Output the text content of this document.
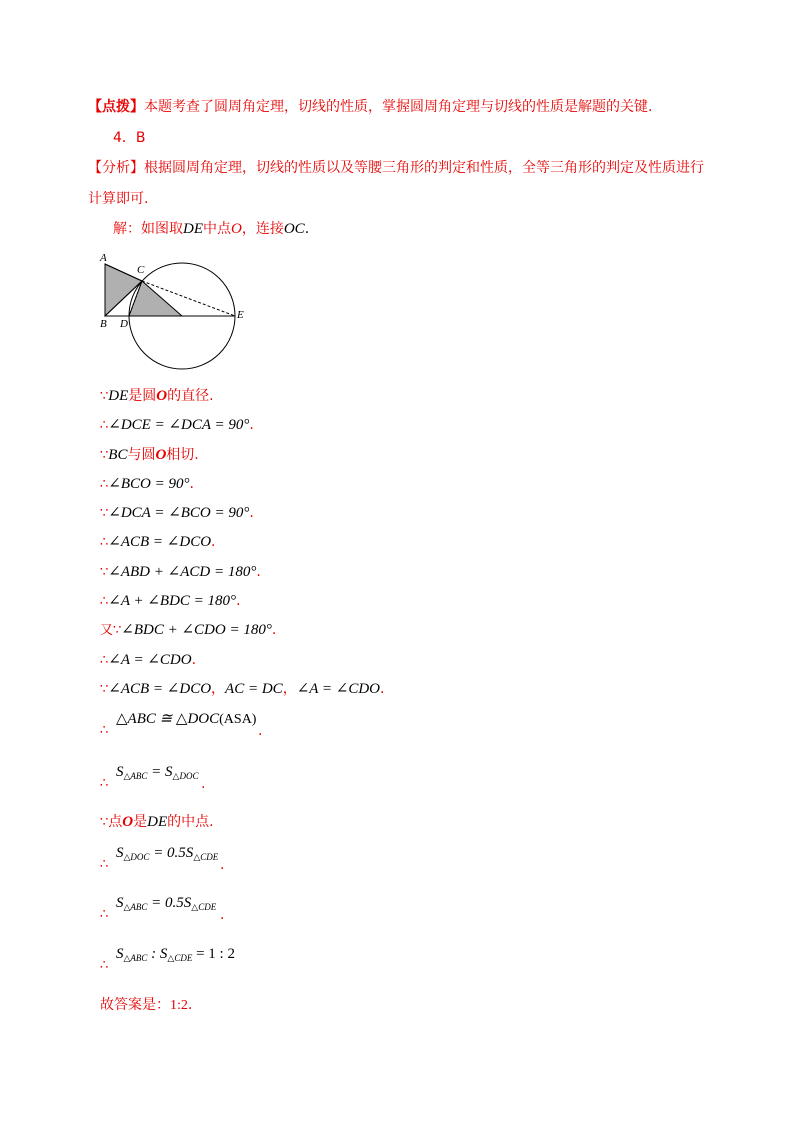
【点拨】本题考查了圆周角定理，切线的性质，掌握圆周角定理与切线的性质是解题的关键.
4．B
【分析】根据圆周角定理，切线的性质以及等腰三角形的判定和性质，全等三角形的判定及性质进行
计算即可.
解：如图取DE中点O，连接OC.
A
B
C
D
E
∵DE是圆O的直径.
∴∠DCE = ∠DCA = 90°.
∵BC与圆O相切.
∴∠BCO = 90°.
∵∠DCA = ∠BCO = 90°.
∴∠ACB = ∠DCO.
∵∠ABD + ∠ACD = 180°.
∴∠A + ∠BDC = 180°.
又∵∠BDC + ∠CDO = 180°.
∴∠A = ∠CDO.
∵∠ACB = ∠DCO，AC = DC，∠A = ∠CDO.
∴
△ABC ≅ △DOC(ASA)
.
∴
$S_{\triangle ABC} = S_{\triangle DOC}$ .
∵点O是DE的中点.
∴
$S_{\triangle DOC} = 0.5S_{\triangle CDE}$ .
∴
$S_{\triangle ABC} = 0.5S_{\triangle CDE}$ .
∴
$S_{\triangle ABC}$ : $S_{\triangle CDE} = 1$ : 2
故答案是：1:2.
